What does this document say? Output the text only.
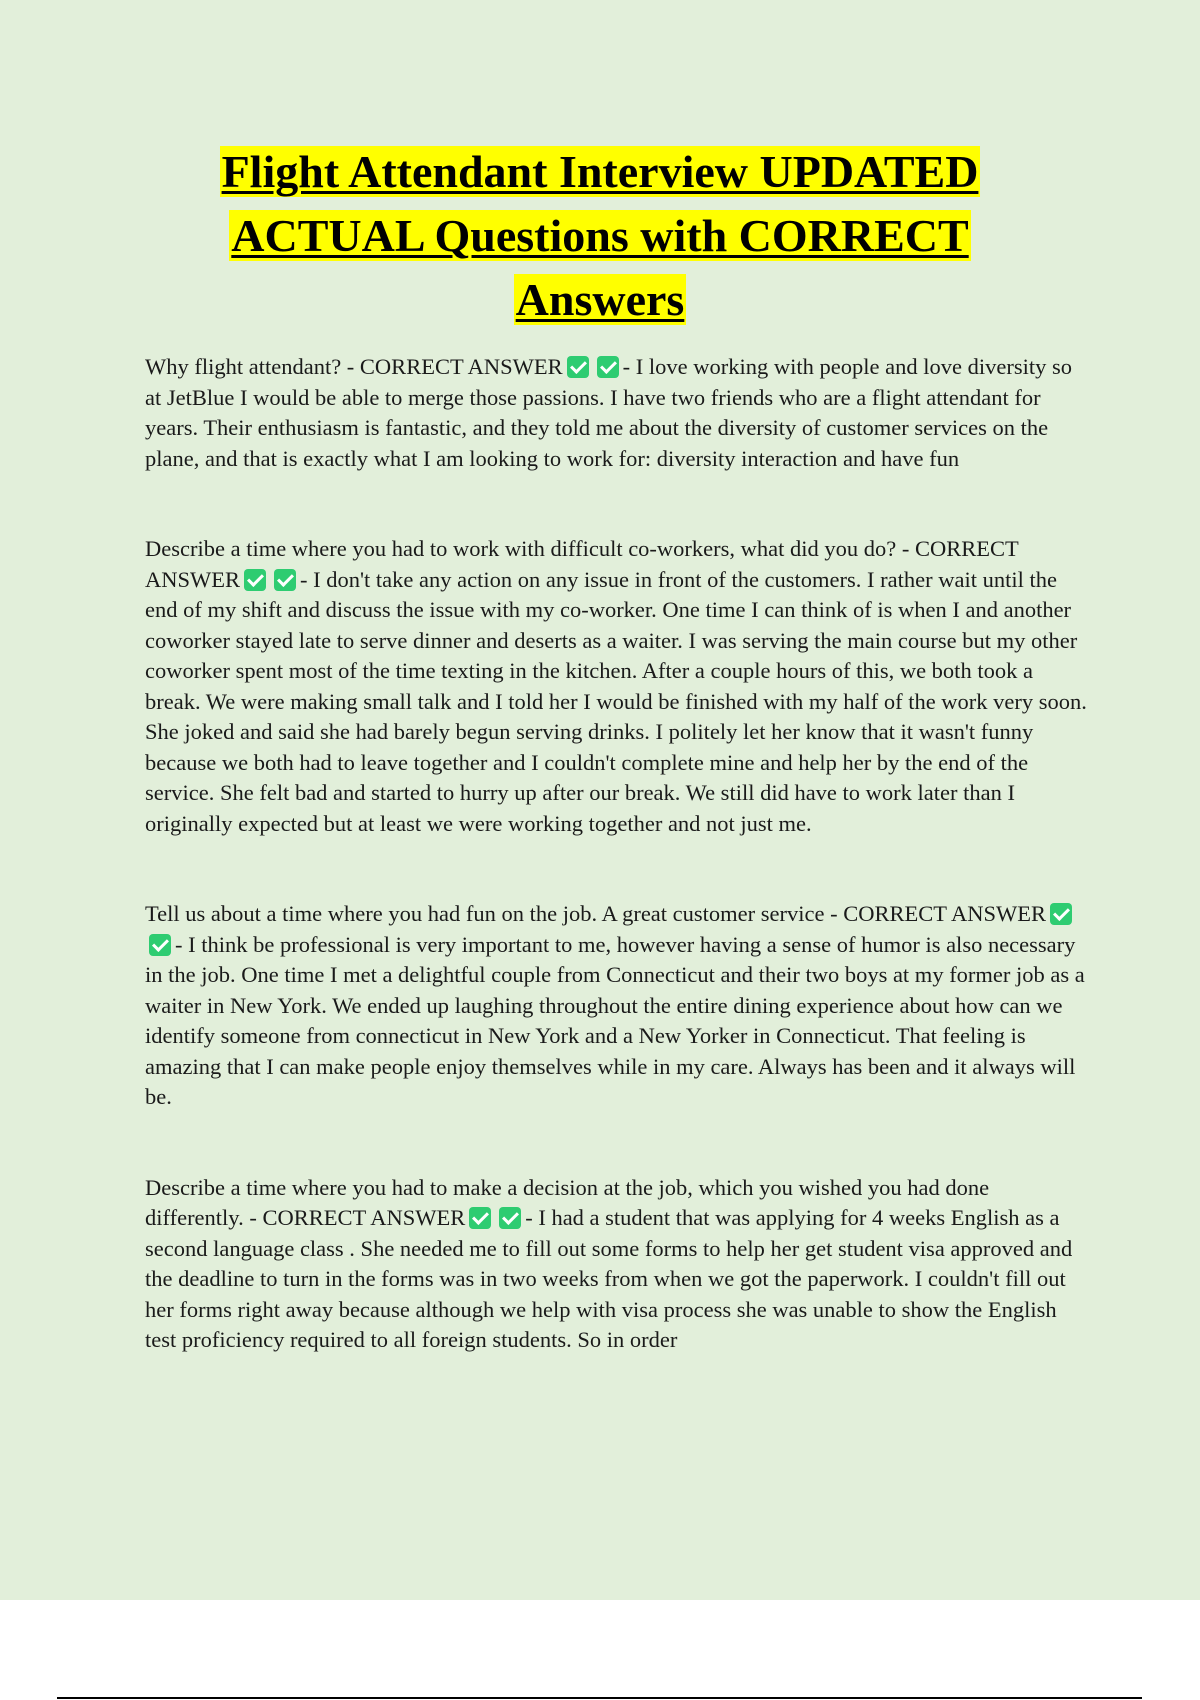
Flight Attendant Interview UPDATED
ACTUAL Questions with CORRECT
Answers

Why flight attendant? - CORRECT ANSWER	- I love working with people and love diversity so at JetBlue I would be able to merge those passions. I have two friends who are a flight attendant for years. Their enthusiasm is fantastic, and they told me about the diversity of customer services on the plane, and that is exactly what I am looking to work for: diversity interaction and have fun

Describe a time where you had to work with difficult co-workers, what did you do? - CORRECT ANSWER	- I don't take any action on any issue in front of the customers. I rather wait until the end of my shift and discuss the issue with my co-worker. One time I can think of is when I and another coworker stayed late to serve dinner and deserts as a waiter. I was serving the main course but my other coworker spent most of the time texting in the kitchen. After a couple hours of this, we both took a break. We were making small talk and I told her I would be finished with my half of the work very soon. She joked and said she had barely begun serving drinks. I politely let her know that it wasn't funny because we both had to leave together and I couldn't complete mine and help her by the end of the service. She felt bad and started to hurry up after our break. We still did have to work later than I originally expected but at least we were working together and not just me.

Tell us about a time where you had fun on the job. A great customer service - CORRECT ANSWER- I think be professional is very important to me, however having a sense of humor is also necessary in the job. One time I met a delightful couple from Connecticut and their two boys at my former job as a waiter in New York. We ended up laughing throughout the entire dining experience about how can we identify someone from connecticut in New York and a New Yorker in Connecticut. That feeling is amazing that I can make people enjoy themselves while in my care. Always has been and it always will be.

Describe a time where you had to make a decision at the job, which you wished you had done differently. - CORRECT ANSWER	- I had a student that was applying for 4 weeks English as a second language class . She needed me to fill out some forms to help her get student visa approved and the deadline to turn in the forms was in two weeks from when we got the paperwork. I couldn't fill out her forms right away because although we help with visa process she was unable to show the English test proficiency required to all foreign students. So in order
